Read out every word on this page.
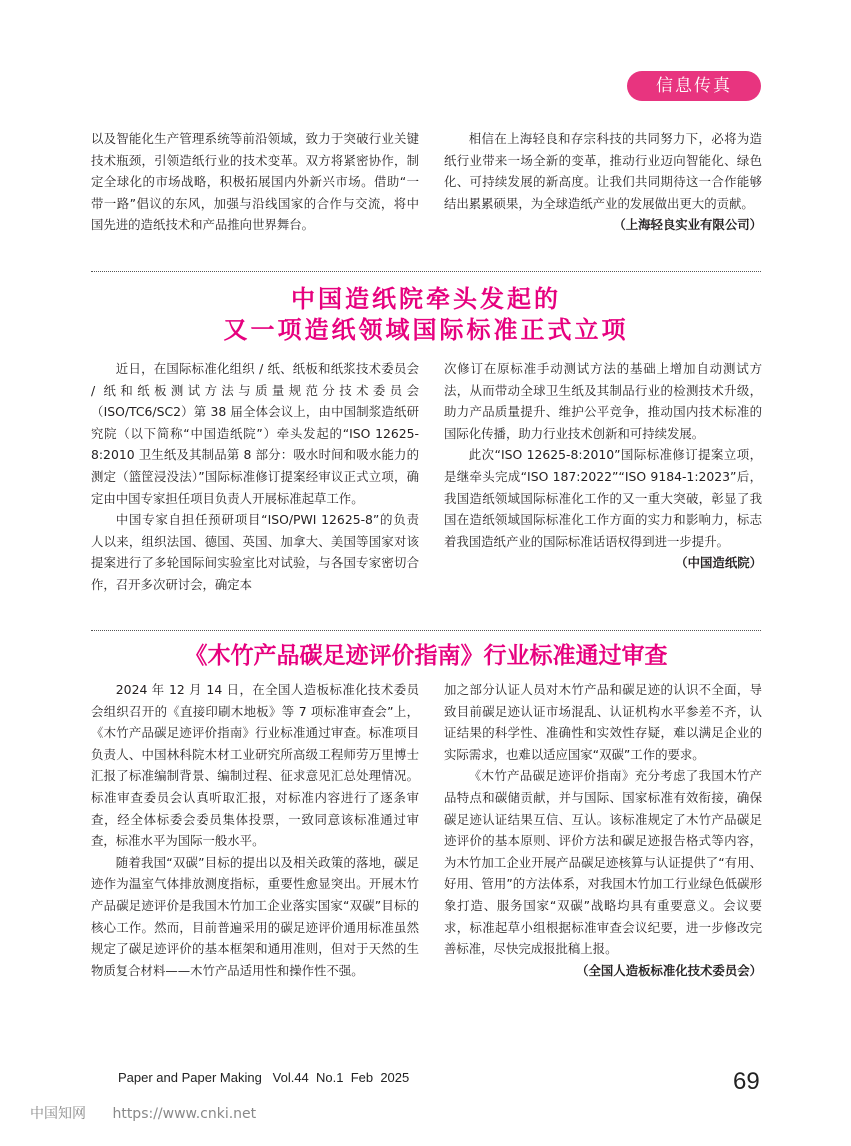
信息传真

以及智能化生产管理系统等前沿领域，致力于突破行业关键技术瓶颈，引领造纸行业的技术变革。双方将紧密协作，制定全球化的市场战略，积极拓展国内外新兴市场。借助“一带一路”倡议的东风，加强与沿线国家的合作与交流，将中国先进的造纸技术和产品推向世界舞台。

相信在上海轻良和存宗科技的共同努力下，必将为造纸行业带来一场全新的变革，推动行业迈向智能化、绿色化、可持续发展的新高度。让我们共同期待这一合作能够结出累累硕果，为全球造纸产业的发展做出更大的贡献。

（上海轻良实业有限公司）

中国造纸院牵头发起的
又一项造纸领域国际标准正式立项

近日，在国际标准化组织 / 纸、纸板和纸浆技术委员会 / 纸和纸板测试方法与质量规范分技术委员会（ISO/TC6/SC2）第 38 届全体会议上，由中国制浆造纸研究院（以下简称“中国造纸院”）牵头发起的“ISO 12625-8:2010 卫生纸及其制品第 8 部分：吸水时间和吸水能力的测定（篮筐浸没法）”国际标准修订提案经审议正式立项，确定由中国专家担任项目负责人开展标准起草工作。

中国专家自担任预研项目“ISO/PWI 12625-8”的负责人以来，组织法国、德国、英国、加拿大、美国等国家对该提案进行了多轮国际间实验室比对试验，与各国专家密切合作，召开多次研讨会，确定本

次修订在原标准手动测试方法的基础上增加自动测试方法，从而带动全球卫生纸及其制品行业的检测技术升级，助力产品质量提升、维护公平竞争，推动国内技术标准的国际化传播，助力行业技术创新和可持续发展。

此次“ISO 12625-8:2010”国际标准修订提案立项，是继牵头完成“ISO 187:2022”“ISO 9184-1:2023”后，我国造纸领域国际标准化工作的又一重大突破，彰显了我国在造纸领域国际标准化工作方面的实力和影响力，标志着我国造纸产业的国际标准话语权得到进一步提升。

（中国造纸院）

《木竹产品碳足迹评价指南》行业标准通过审查

2024 年 12 月 14 日，在全国人造板标准化技术委员会组织召开的《直接印刷木地板》等 7 项标准审查会”上，《木竹产品碳足迹评价指南》行业标准通过审查。标准项目负责人、中国林科院木材工业研究所高级工程师劳万里博士汇报了标准编制背景、编制过程、征求意见汇总处理情况。标准审查委员会认真听取汇报，对标准内容进行了逐条审查，经全体标委会委员集体投票，一致同意该标准通过审查，标准水平为国际一般水平。

随着我国“双碳”目标的提出以及相关政策的落地，碳足迹作为温室气体排放测度指标，重要性愈显突出。开展木竹产品碳足迹评价是我国木竹加工企业落实国家“双碳”目标的核心工作。然而，目前普遍采用的碳足迹评价通用标准虽然规定了碳足迹评价的基本框架和通用准则，但对于天然的生物质复合材料——木竹产品适用性和操作性不强。

加之部分认证人员对木竹产品和碳足迹的认识不全面，导致目前碳足迹认证市场混乱、认证机构水平参差不齐，认证结果的科学性、准确性和实效性存疑，难以满足企业的实际需求，也难以适应国家“双碳”工作的要求。

《木竹产品碳足迹评价指南》充分考虑了我国木竹产品特点和碳储贡献，并与国际、国家标准有效衔接，确保碳足迹认证结果互信、互认。该标准规定了木竹产品碳足迹评价的基本原则、评价方法和碳足迹报告格式等内容，为木竹加工企业开展产品碳足迹核算与认证提供了“有用、好用、管用”的方法体系，对我国木竹加工行业绿色低碳形象打造、服务国家“双碳”战略均具有重要意义。会议要求，标准起草小组根据标准审查会议纪要，进一步修改完善标准，尽快完成报批稿上报。

（全国人造板标准化技术委员会）

Paper and Paper Making   Vol.44  No.1  Feb  2025	69
中国知网 https://www.cnki.net
